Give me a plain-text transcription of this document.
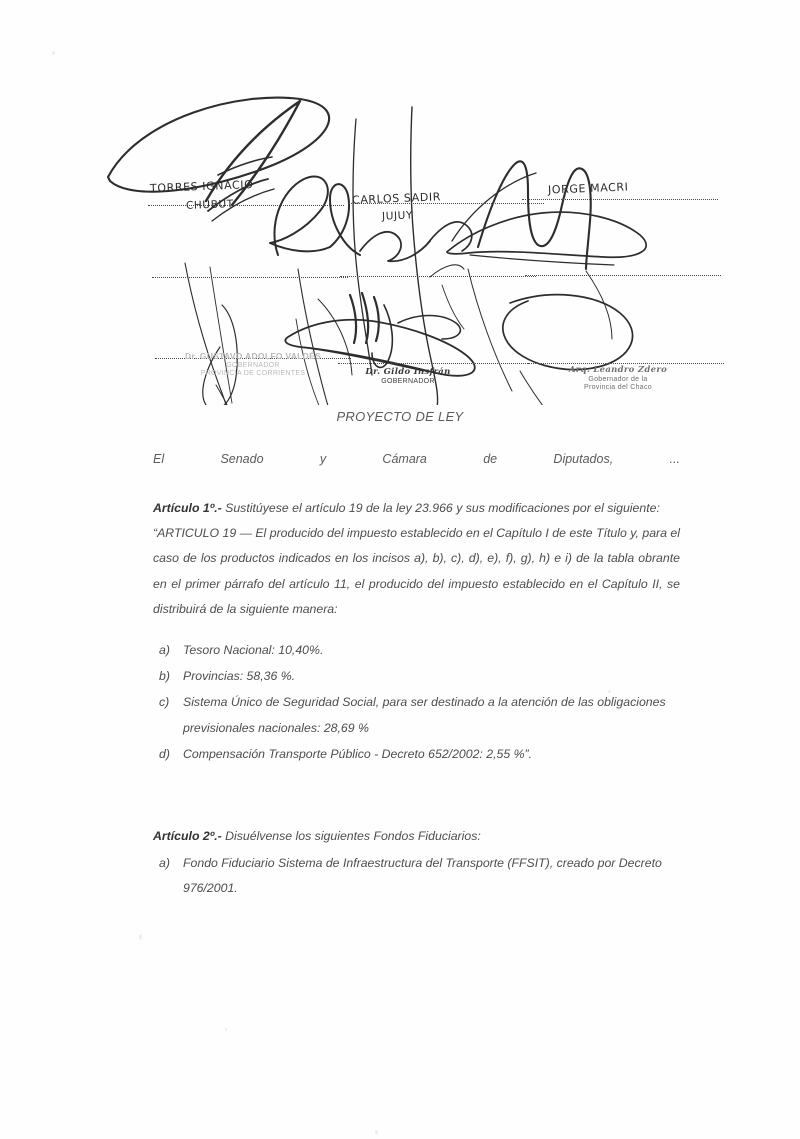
TORRES IGNACIO
CHUBUT	CARLOS SADIR
JUJUY
JORGE MACRI
Dr. GUSTAVO ADOLFO VALDÉS
GOBERNADOR
PROVINCIA DE CORRIENTES	Dr. Gildo Insfrán
GOBERNADOR
Arq. Leandro Zdero
Gobernador de la
Provincia del Chaco
PROYECTO DE LEY
El	Senado	y	Cámara	de	Diputados,	...

Artículo 1º.- Sustitúyese el artículo 19 de la ley 23.966 y sus modificaciones por el siguiente:

“ARTICULO 19 — El producido del impuesto establecido en el Capítulo I de este Título y, para el caso de los productos indicados en los incisos a), b), c), d), e), f), g), h) e i) de la tabla obrante en el primer párrafo del artículo 11, el producido del impuesto establecido en el Capítulo II, se distribuirá de la siguiente manera:

a)	Tesoro Nacional: 10,40%.
b)	Provincias: 58,36 %.
c)	Sistema Único de Seguridad Social, para ser destinado a la atención de las obligaciones previsionales nacionales: 28,69 %
d)	Compensación Transporte Público - Decreto 652/2002: 2,55 %”.

Artículo 2º.- Disuélvense los siguientes Fondos Fiduciarios:

a)	Fondo Fiduciario Sistema de Infraestructura del Transporte (FFSIT), creado por Decreto 976/2001.
